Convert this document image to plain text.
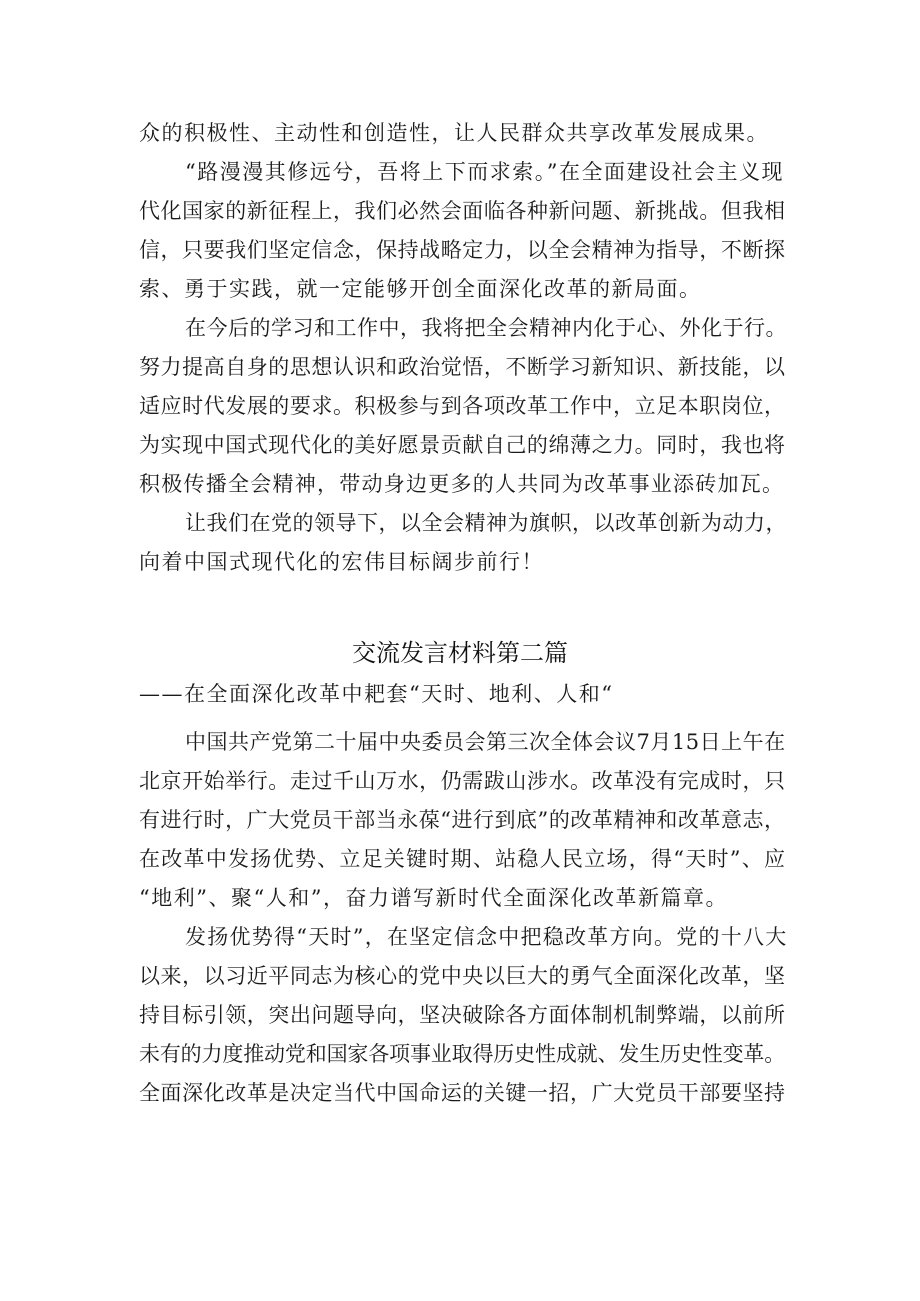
众的积极性、主动性和创造性，让人民群众共享改革发展成果。
“路漫漫其修远兮，吾将上下而求索。”在全面建设社会主义现
代化国家的新征程上，我们必然会面临各种新问题、新挑战。但我相
信，只要我们坚定信念，保持战略定力，以全会精神为指导，不断探
索、勇于实践，就一定能够开创全面深化改革的新局面。
在今后的学习和工作中，我将把全会精神内化于心、外化于行。
努力提高自身的思想认识和政治觉悟，不断学习新知识、新技能，以
适应时代发展的要求。积极参与到各项改革工作中，立足本职岗位，
为实现中国式现代化的美好愿景贡献自己的绵薄之力。同时，我也将
积极传播全会精神，带动身边更多的人共同为改革事业添砖加瓦。
让我们在党的领导下，以全会精神为旗帜，以改革创新为动力，
向着中国式现代化的宏伟目标阔步前行！
交流发言材料第二篇
——在全面深化改革中耙套“天时、地利、人和“
中国共产党第二十届中央委员会第三次全体会议7月15日上午在
北京开始举行。走过千山万水，仍需跋山涉水。改革没有完成时，只
有进行时，广大党员干部当永葆“进行到底”的改革精神和改革意志，
在改革中发扬优势、立足关键时期、站稳人民立场，得“天时”、应
“地利”、聚“人和”，奋力谱写新时代全面深化改革新篇章。
发扬优势得“天时”，在坚定信念中把稳改革方向。党的十八大
以来，以习近平同志为核心的党中央以巨大的勇气全面深化改革，坚
持目标引领，突出问题导向，坚决破除各方面体制机制弊端，以前所
未有的力度推动党和国家各项事业取得历史性成就、发生历史性变革。
全面深化改革是决定当代中国命运的关键一招，广大党员干部要坚持
